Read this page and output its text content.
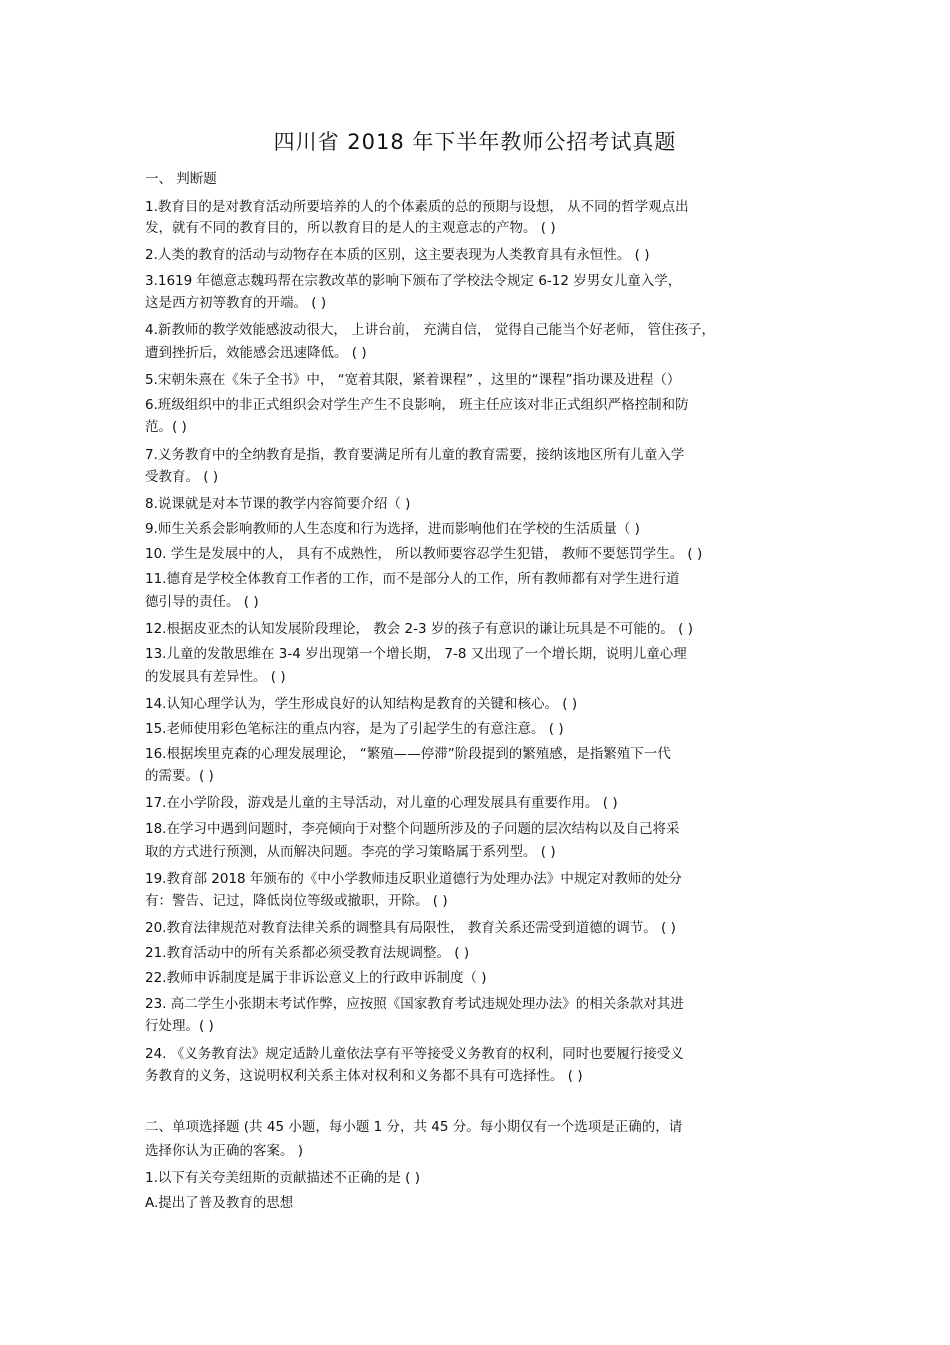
四川省 2018 年下半年教师公招考试真题
一、 判断题
1.教育目的是对教育活动所要培养的人的个体素质的总的预期与设想， 从不同的哲学观点出
发，就有不同的教育目的，所以教育目的是人的主观意志的产物。 ( )
2.人类的教育的活动与动物存在本质的区别，这主要表现为人类教育具有永恒性。 ( )
3.1619 年德意志魏玛帮在宗教改革的影响下颁布了学校法令规定 6-12 岁男女儿童入学，
这是西方初等教育的开端。 ( )
4.新教师的教学效能感波动很大， 上讲台前， 充满自信， 觉得自己能当个好老师， 管住孩子，
遭到挫折后，效能感会迅速降低。 ( )
5.宋朝朱熹在《朱子全书》中， “宽着其限，紧着课程” ，这里的“课程”指功课及进程（）
6.班级组织中的非正式组织会对学生产生不良影响， 班主任应该对非正式组织严格控制和防
范。( )
7.义务教育中的全纳教育是指，教育要满足所有儿童的教育需要，接纳该地区所有儿童入学
受教育。 ( )
8.说课就是对本节课的教学内容简要介绍（ )
9.师生关系会影响教师的人生态度和行为选择，进而影响他们在学校的生活质量（ )
10. 学生是发展中的人， 具有不成熟性， 所以教师要容忍学生犯错， 教师不要惩罚学生。 ( )
11.德育是学校全体教育工作者的工作，而不是部分人的工作，所有教师都有对学生进行道
德引导的责任。 ( )
12.根据皮亚杰的认知发展阶段理论， 教会 2-3 岁的孩子有意识的谦让玩具是不可能的。 ( )
13.儿童的发散思维在 3-4 岁出现第一个增长期， 7-8 又出现了一个增长期，说明儿童心理
的发展具有差异性。 ( )
14.认知心理学认为，学生形成良好的认知结构是教育的关键和核心。 ( )
15.老师使用彩色笔标注的重点内容，是为了引起学生的有意注意。 ( )
16.根据埃里克森的心理发展理论， “繁殖——停滞”阶段提到的繁殖感，是指繁殖下一代
的需要。( )
17.在小学阶段，游戏是儿童的主导活动，对儿童的心理发展具有重要作用。 ( )
18.在学习中遇到问题时，李亮倾向于对整个问题所涉及的子问题的层次结构以及自己将采
取的方式进行预测，从而解决问题。李亮的学习策略属于系列型。 ( )
19.教育部 2018 年颁布的《中小学教师违反职业道德行为处理办法》中规定对教师的处分
有：警告、记过，降低岗位等级或撤职，开除。 ( )
20.教育法律规范对教育法律关系的调整具有局限性， 教育关系还需受到道德的调节。 ( )
21.教育活动中的所有关系都必须受教育法规调整。 ( )
22.教师申诉制度是属于非诉讼意义上的行政申诉制度（ )
23. 高二学生小张期末考试作弊，应按照《国家教育考试违规处理办法》的相关条款对其进
行处理。( )
24. 《义务教育法》规定适龄儿童依法享有平等接受义务教育的权利，同时也要履行接受义
务教育的义务，这说明权利关系主体对权利和义务都不具有可选择性。 ( )
二、单项选择题 (共 45 小题，每小题 1 分，共 45 分。每小期仅有一个选项是正确的，请
选择你认为正确的客案。 )
1.以下有关夸美纽斯的贡献描述不正确的是 ( )
A.提出了普及教育的思想
